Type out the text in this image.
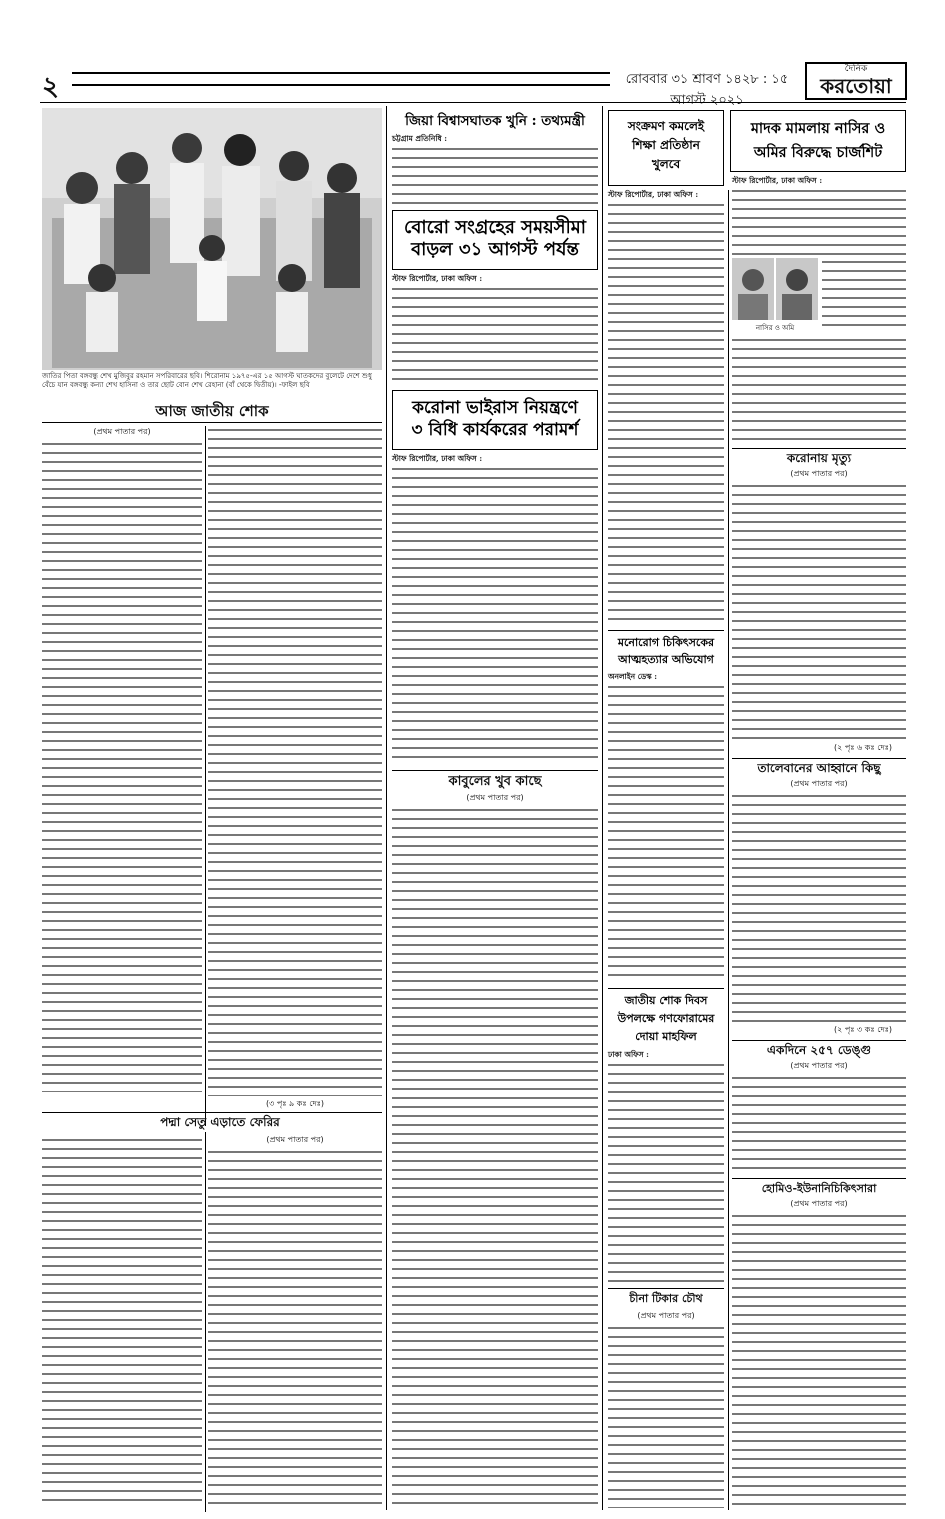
২	রোববার ৩১ শ্রাবণ ১৪২৮ : ১৫ আগস্ট ২০২১
দৈনিক
করতোয়া
জাতির পিতা বঙ্গবন্ধু শেখ মুজিবুর রহমান সপরিবারের ছবি। শিরোনাম ১৯৭৫-এর ১৫ আগস্ট ঘাতকদের বুলেটে দেশে শুধু বেঁচে যান বঙ্গবন্ধু কন্যা শেখ হাসিনা ও তার ছোট বোন শেখ রেহানা (বাঁ থেকে দ্বিতীয়)। -ফাইল ছবি
আজ জাতীয় শোক
(প্রথম পাতার পর)
(৩ পৃঃ ৯ কঃ দেঃ)
পদ্মা সেতু এড়াতে ফেরির
(প্রথম পাতার পর)
জিয়া বিশ্বাসঘাতক খুনি : তথ্যমন্ত্রী
চট্টগ্রাম প্রতিনিধি :
বোরো সংগ্রহের সময়সীমা
বাড়ল ৩১ আগস্ট পর্যন্ত
স্টাফ রিপোর্টার, ঢাকা অফিস :
করোনা ভাইরাস নিয়ন্ত্রণে
৩ বিধি কার্যকরের পরামর্শ
স্টাফ রিপোর্টার, ঢাকা অফিস :
কাবুলের খুব কাছে
(প্রথম পাতার পর)
সংক্রমণ কমলেই
শিক্ষা প্রতিষ্ঠান
খুলবে
স্টাফ রিপোর্টার, ঢাকা অফিস :
মনোরোগ চিকিৎসকের
আত্মহত্যার অভিযোগ
অনলাইন ডেস্ক :
জাতীয় শোক দিবস
উপলক্ষে গণফোরামের
দোয়া মাহফিল
ঢাকা অফিস :
চীনা টিকার চৌথ
(প্রথম পাতার পর)
মাদক মামলায় নাসির ও
অমির বিরুদ্ধে চার্জশিট
স্টাফ রিপোর্টার, ঢাকা অফিস :
নাসির ও অমি
করোনায় মৃত্যু
(প্রথম পাতার পর)
(২ পৃঃ ৬ কঃ দেঃ)
তালেবানের আহ্বানে কিছু
(প্রথম পাতার পর)
(২ পৃঃ ৩ কঃ দেঃ)
একদিনে ২৫৭ ডেঙ্গু
(প্রথম পাতার পর)
হোমিও-ইউনানিচিকিৎসারা
(প্রথম পাতার পর)
